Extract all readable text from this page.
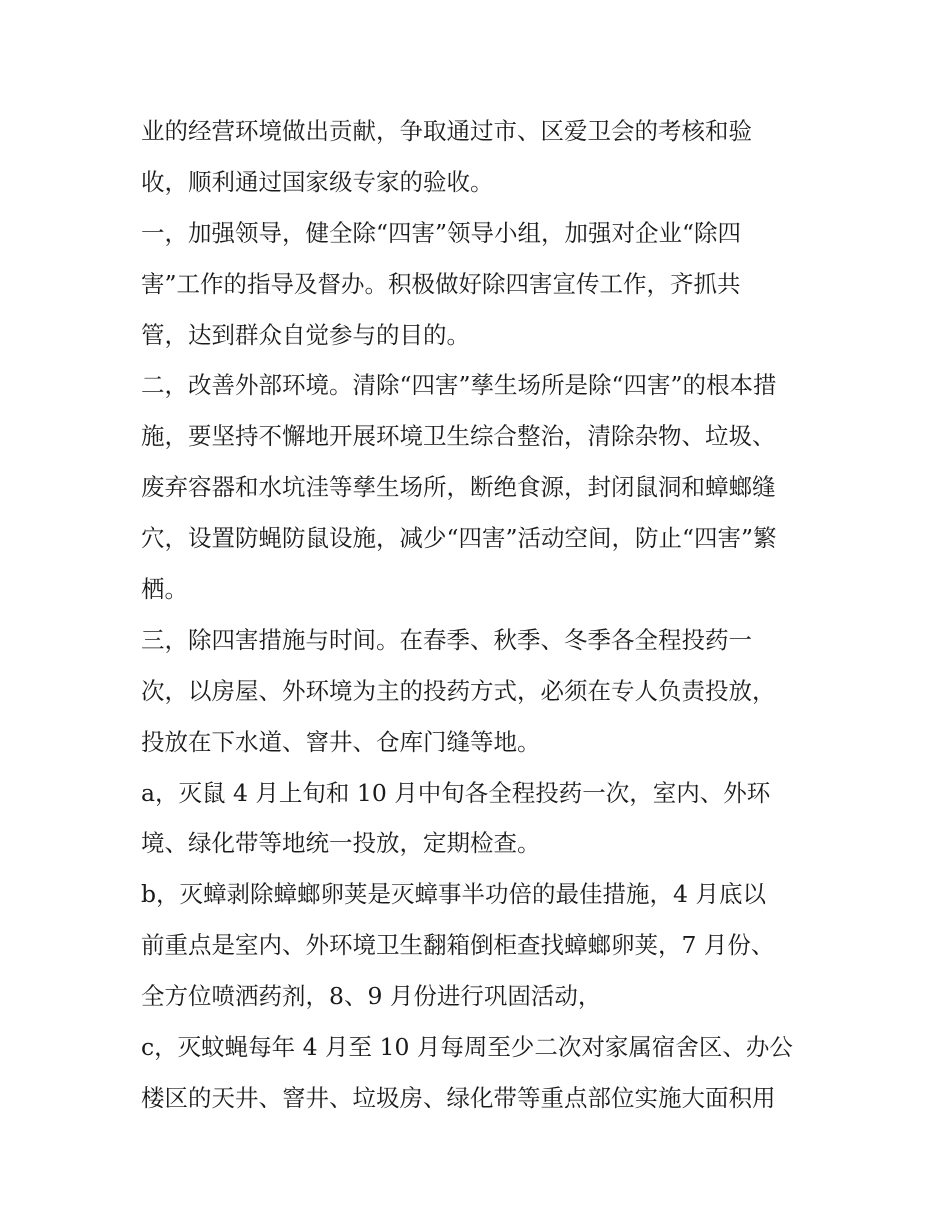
业的经营环境做出贡献，争取通过市、区爱卫会的考核和验
收，顺利通过国家级专家的验收。
一，加强领导，健全除“四害”领导小组，加强对企业“除四
害”工作的指导及督办。积极做好除四害宣传工作，齐抓共
管，达到群众自觉参与的目的。
二，改善外部环境。清除“四害”孳生场所是除“四害”的根本措
施，要坚持不懈地开展环境卫生综合整治，清除杂物、垃圾、
废弃容器和水坑洼等孳生场所，断绝食源，封闭鼠洞和蟑螂缝
穴，设置防蝇防鼠设施，减少“四害”活动空间，防止“四害”繁
栖。
三，除四害措施与时间。在春季、秋季、冬季各全程投药一
次，以房屋、外环境为主的投药方式，必须在专人负责投放，
投放在下水道、窨井、仓库门缝等地。
a，灭鼠 4 月上旬和 10 月中旬各全程投药一次，室内、外环
境、绿化带等地统一投放，定期检查。
b，灭蟑剥除蟑螂卵荚是灭蟑事半功倍的最佳措施，4 月底以
前重点是室内、外环境卫生翻箱倒柜查找蟑螂卵荚，7 月份、
全方位喷洒药剂，8、9 月份进行巩固活动，
c，灭蚊蝇每年 4 月至 10 月每周至少二次对家属宿舍区、办公
楼区的天井、窨井、垃圾房、绿化带等重点部位实施大面积用
